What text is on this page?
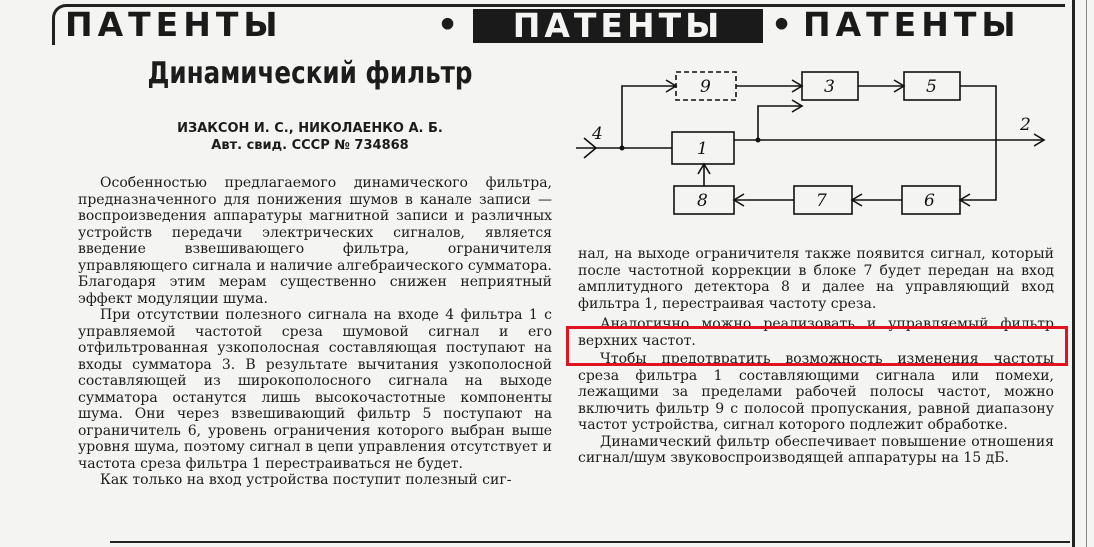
ПАТЕНТЫ	•	ПАТЕНТЫ	• ПАТЕНТЫ
Динамический фильтр
ИЗАКСОН И. С., НИКОЛАЕНКО А. Б.
Авт. свид. СССР № 734868

Особенностью предлагаемого динамического фильтра, предназначенного для понижения шумов в канале записи — воспроизведения аппаратуры магнитной записи и различных устройств передачи электрических сигналов, является введение взвешивающего фильтра, ограничителя управляющего сигнала и наличие алгебраического сумматора. Благодаря этим мерам существенно снижен неприятный эффект модуляции шума.

При отсутствии полезного сигнала на входе 4 фильтра 1 с управляемой частотой среза шумовой сигнал и его отфильтрованная узкополосная составляющая поступают на входы сумматора 3. В результате вычитания узкополосной составляющей из широкополосного сигнала на выходе сумматора останутся лишь высокочастотные компоненты шума. Они через взвешивающий фильтр 5 поступают на ограничитель 6, уровень ограничения которого выбран выше уровня шума, поэтому сигнал в цепи управления отсутствует и частота среза фильтра 1 перестраиваться не будет.

Как только на вход устройства поступит полезный сиг-

4
9	3	5
6
7
8
1
2

нал, на выходе ограничителя также появится сигнал, который после частотной коррекции в блоке 7 будет передан на вход амплитудного детектора 8 и далее на управляющий вход фильтра 1, перестраивая частоту среза.

Аналогично можно реализовать и управляемый фильтр верхних частот.

Чтобы предотвратить возможность изменения частоты среза фильтра 1 составляющими сигнала или помехи, лежащими за пределами рабочей полосы частот, можно включить фильтр 9 с полосой пропускания, равной диапазону частот устройства, сигнал которого подлежит обработке.

Динамический фильтр обеспечивает повышение отношения сигнал/шум звуковоспроизводящей аппаратуры на 15 дБ.
